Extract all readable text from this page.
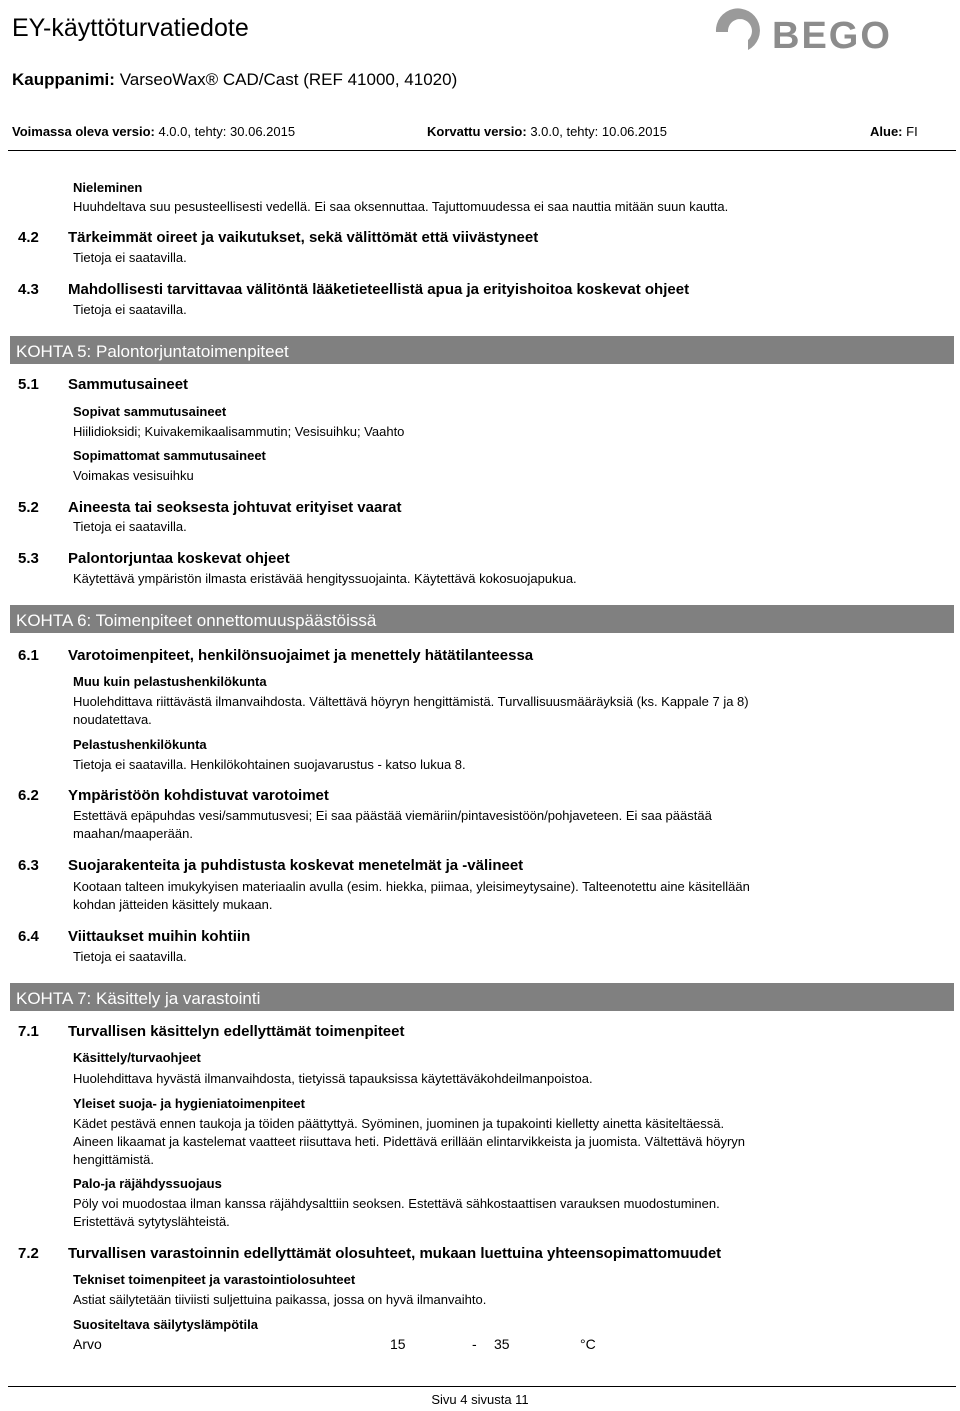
EY-käyttöturvatiedote	BEGO
Kauppanimi: VarseoWax® CAD/Cast (REF 41000, 41020)
Voimassa oleva versio: 4.0.0, tehty: 30.06.2015	Korvattu versio: 3.0.0, tehty: 10.06.2015	Alue: FI
Nieleminen
Huuhdeltava suu pesusteellisesti vedellä. Ei saa oksennuttaa. Tajuttomuudessa ei saa nauttia mitään suun kautta.
4.2 Tärkeimmät oireet ja vaikutukset, sekä välittömät että viivästyneet
Tietoja ei saatavilla.
4.3 Mahdollisesti tarvittavaa välitöntä lääketieteellistä apua ja erityishoitoa koskevat ohjeet
Tietoja ei saatavilla.
KOHTA 5: Palontorjuntatoimenpiteet
5.1 Sammutusaineet
Sopivat sammutusaineet
Hiilidioksidi; Kuivakemikaalisammutin; Vesisuihku; Vaahto
Sopimattomat sammutusaineet
Voimakas vesisuihku
5.2 Aineesta tai seoksesta johtuvat erityiset vaarat
Tietoja ei saatavilla.
5.3 Palontorjuntaa koskevat ohjeet
Käytettävä ympäristön ilmasta eristävää hengityssuojainta. Käytettävä kokosuojapukua.
KOHTA 6: Toimenpiteet onnettomuuspäästöissä
6.1 Varotoimenpiteet, henkilönsuojaimet ja menettely hätätilanteessa
Muu kuin pelastushenkilökunta
Huolehdittava riittävästä ilmanvaihdosta. Vältettävä höyryn hengittämistä. Turvallisuusmääräyksiä (ks. Kappale 7 ja 8)
noudatettava.
Pelastushenkilökunta
Tietoja ei saatavilla. Henkilökohtainen suojavarustus - katso lukua 8.
6.2 Ympäristöön kohdistuvat varotoimet
Estettävä epäpuhdas vesi/sammutusvesi; Ei saa päästää viemäriin/pintavesistöön/pohjaveteen. Ei saa päästää
maahan/maaperään.
6.3 Suojarakenteita ja puhdistusta koskevat menetelmät ja -välineet
Kootaan talteen imukykyisen materiaalin avulla (esim. hiekka, piimaa, yleisimeytysaine). Talteenotettu aine käsitellään
kohdan jätteiden käsittely mukaan.
6.4 Viittaukset muihin kohtiin
Tietoja ei saatavilla.
KOHTA 7: Käsittely ja varastointi
7.1 Turvallisen käsittelyn edellyttämät toimenpiteet
Käsittely/turvaohjeet
Huolehdittava hyvästä ilmanvaihdosta, tietyissä tapauksissa käytettäväkohdeilmanpoistoa.
Yleiset suoja- ja hygieniatoimenpiteet
Kädet pestävä ennen taukoja ja töiden päättyttyä. Syöminen, juominen ja tupakointi kielletty ainetta käsiteltäessä.
Aineen likaamat ja kastelemat vaatteet riisuttava heti. Pidettävä erillään elintarvikkeista ja juomista. Vältettävä höyryn
hengittämistä.
Palo-ja räjähdyssuojaus
Pöly voi muodostaa ilman kanssa räjähdysalttiin seoksen. Estettävä sähkostaattisen varauksen muodostuminen.
Eristettävä sytytyslähteistä.
7.2 Turvallisen varastoinnin edellyttämät olosuhteet, mukaan luettuina yhteensopimattomuudet
Tekniset toimenpiteet ja varastointiolosuhteet
Astiat säilytetään tiiviisti suljettuina paikassa, jossa on hyvä ilmanvaihto.
Suositeltava säilytyslämpötila
Arvo	15	- 35	°C
Sivu 4 sivusta 11
